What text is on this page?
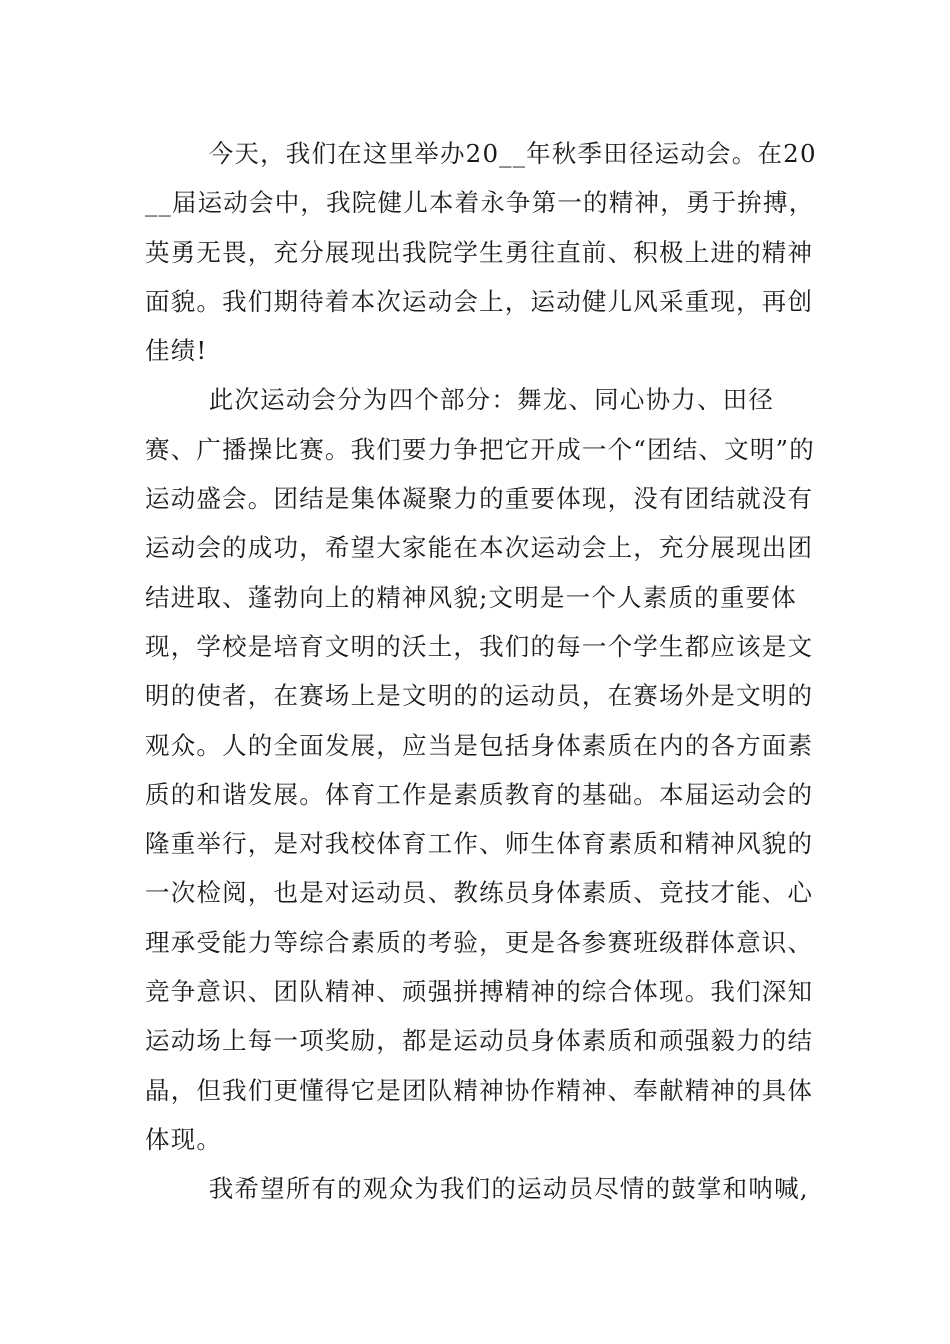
今天，我们在这里举办20__年秋季田径运动会。在20__届运动会中，我院健儿本着永争第一的精神，勇于拚搏，英勇无畏，充分展现出我院学生勇往直前、积极上进的精神面貌。我们期待着本次运动会上，运动健儿风采重现，再创佳绩!

此次运动会分为四个部分：舞龙、同心协力、田径赛、广播操比赛。我们要力争把它开成一个“团结、文明”的运动盛会。团结是集体凝聚力的重要体现，没有团结就没有运动会的成功，希望大家能在本次运动会上，充分展现出团结进取、蓬勃向上的精神风貌;文明是一个人素质的重要体现，学校是培育文明的沃土，我们的每一个学生都应该是文明的使者，在赛场上是文明的的运动员，在赛场外是文明的观众。人的全面发展，应当是包括身体素质在内的各方面素质的和谐发展。体育工作是素质教育的基础。本届运动会的隆重举行，是对我校体育工作、师生体育素质和精神风貌的一次检阅，也是对运动员、教练员身体素质、竞技才能、心理承受能力等综合素质的考验，更是各参赛班级群体意识、竞争意识、团队精神、顽强拼搏精神的综合体现。我们深知运动场上每一项奖励，都是运动员身体素质和顽强毅力的结晶，但我们更懂得它是团队精神协作精神、奉献精神的具体体现。

我希望所有的观众为我们的运动员尽情的鼓掌和呐喊,
